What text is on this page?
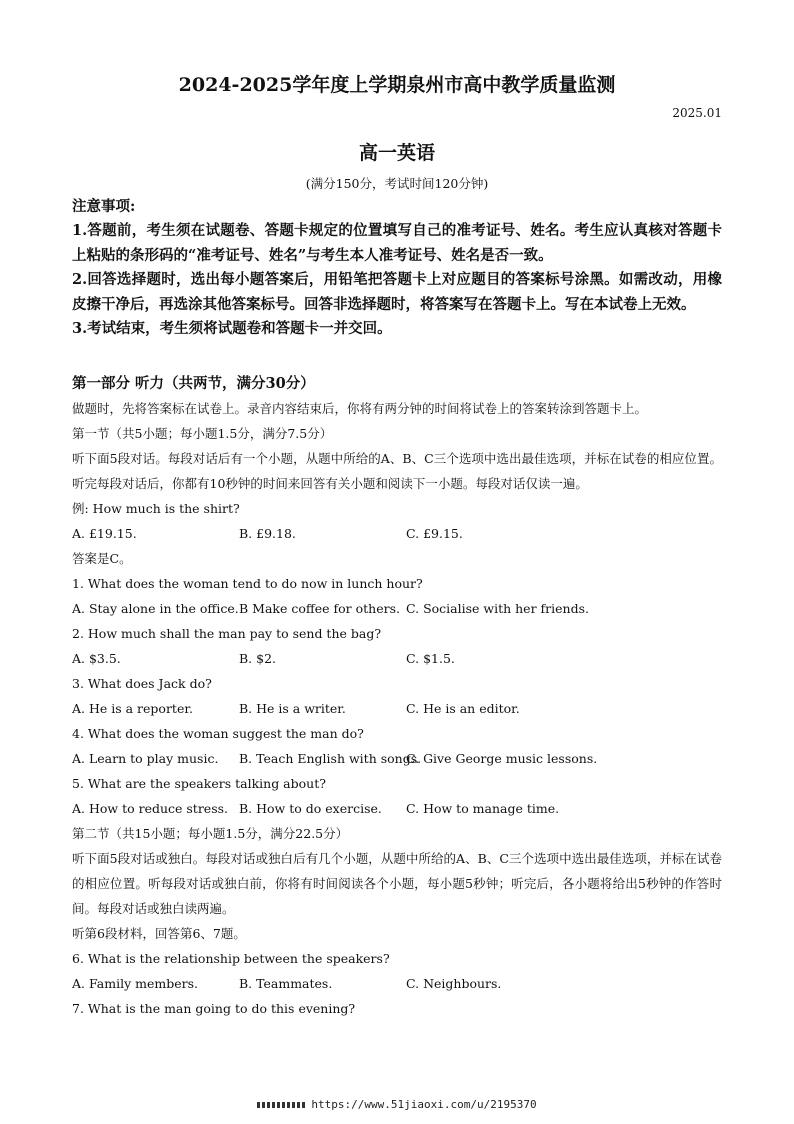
2024-2025学年度上学期泉州市高中教学质量监测
2025.01
高一英语
(满分150分，考试时间120分钟)
注意事项:

1.答题前，考生须在试题卷、答题卡规定的位置填写自己的准考证号、姓名。考生应认真核对答题卡上粘贴的条形码的“准考证号、姓名”与考生本人准考证号、姓名是否一致。

2.回答选择题时，选出每小题答案后，用铅笔把答题卡上对应题目的答案标号涂黑。如需改动，用橡皮擦干净后，再选涂其他答案标号。回答非选择题时，将答案写在答题卡上。写在本试卷上无效。

3.考试结束，考生须将试题卷和答题卡一并交回。

第一部分 听力（共两节，满分30分）
做题时，先将答案标在试卷上。录音内容结束后，你将有两分钟的时间将试卷上的答案转涂到答题卡上。
第一节（共5小题；每小题1.5分，满分7.5分）

听下面5段对话。每段对话后有一个小题，从题中所给的A、B、C三个选项中选出最佳选项，并标在试卷的相应位置。听完每段对话后，你都有10秒钟的时间来回答有关小题和阅读下一小题。每段对话仅读一遍。

例: How much is the shirt?
A. £19.15.	B. £9.18.	C. £9.15.
答案是C。
1. What does the woman tend to do now in lunch hour?
A. Stay alone in the office. B Make coffee for others. C. Socialise with her friends.
2. How much shall the man pay to send the bag?
A. $3.5.	B. $2.	C. $1.5.
3. What does Jack do?
A. He is a reporter.	B. He is a writer.	C. He is an editor.
4. What does the woman suggest the man do?
A. Learn to play music. B. Teach English with songs.
C. Give George music lessons.
5. What are the speakers talking about?
A. How to reduce stress. B. How to do exercise. C. How to manage time.
第二节（共15小题；每小题1.5分，满分22.5分）

听下面5段对话或独白。每段对话或独白后有几个小题，从题中所给的A、B、C三个选项中选出最佳选项，并标在试卷的相应位置。听每段对话或独白前，你将有时间阅读各个小题，每小题5秒钟；听完后，各小题将给出5秒钟的作答时间。每段对话或独白读两遍。

听第6段材料，回答第6、7题。
6. What is the relationship between the speakers?
A. Family members.	B. Teammates.	C. Neighbours.
7. What is the man going to do this evening?
https://www.51jiaoxi.com/u/2195370
